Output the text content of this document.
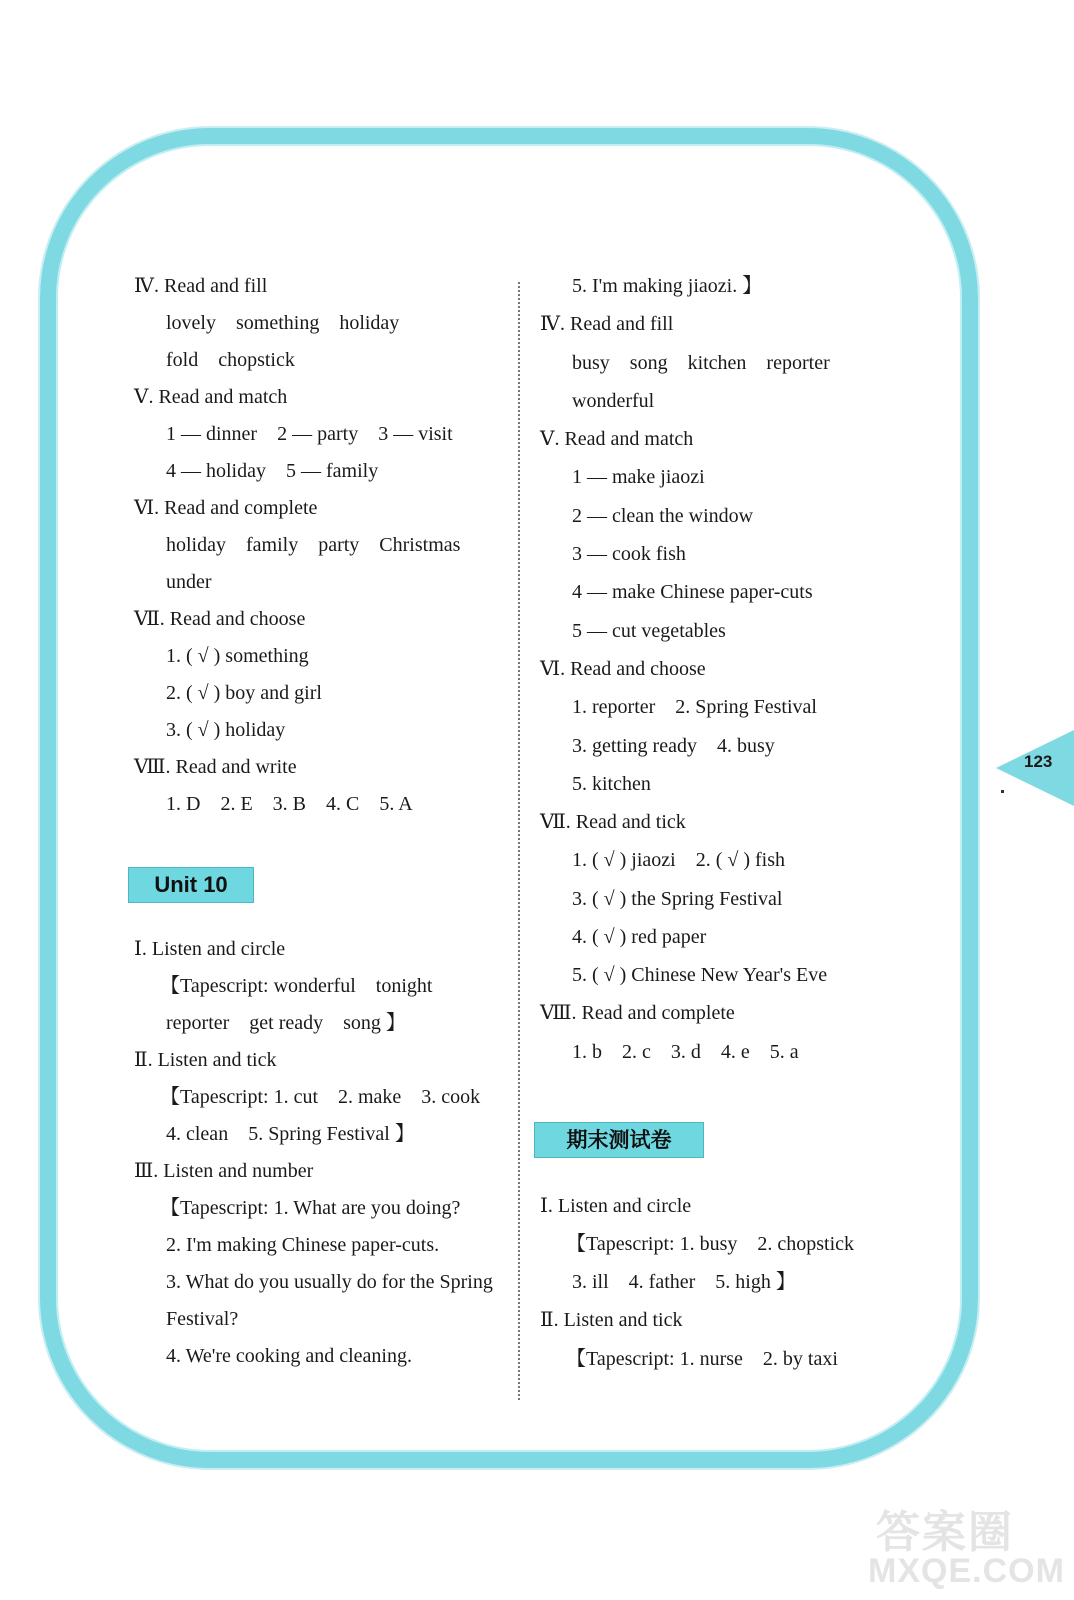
123
Ⅳ. Read and fill
lovely    something    holiday
fold    chopstick
Ⅴ. Read and match
1 — dinner    2 — party    3 — visit
4 — holiday    5 — family
Ⅵ. Read and complete
holiday    family    party    Christmas
under
Ⅶ. Read and choose
1. ( √ ) something
2. ( √ ) boy and girl
3. ( √ ) holiday
Ⅷ. Read and write
1. D    2. E    3. B    4. C    5. A
Unit 10
Ⅰ. Listen and circle
【Tapescript: wonderful    tonight
reporter    get ready    song 】
Ⅱ. Listen and tick
【Tapescript: 1. cut    2. make    3. cook
4. clean    5. Spring Festival 】
Ⅲ. Listen and number
【Tapescript: 1. What are you doing?
2. I'm making Chinese paper-cuts.
3. What do you usually do for the Spring
Festival?
4. We're cooking and cleaning.
5. I'm making jiaozi. 】
Ⅳ. Read and fill
busy    song    kitchen    reporter
wonderful
Ⅴ. Read and match
1 — make jiaozi
2 — clean the window
3 — cook fish
4 — make Chinese paper-cuts
5 — cut vegetables
Ⅵ. Read and choose
1. reporter    2. Spring Festival
3. getting ready    4. busy
5. kitchen
Ⅶ. Read and tick
1. ( √ ) jiaozi    2. ( √ ) fish
3. ( √ ) the Spring Festival
4. ( √ ) red paper
5. ( √ ) Chinese New Year's Eve
Ⅷ. Read and complete
1. b    2. c    3. d    4. e    5. a
期末测试卷
Ⅰ. Listen and circle
【Tapescript: 1. busy    2. chopstick
3. ill    4. father    5. high 】
Ⅱ. Listen and tick
【Tapescript: 1. nurse    2. by taxi
答案圈
MXQE.COM
